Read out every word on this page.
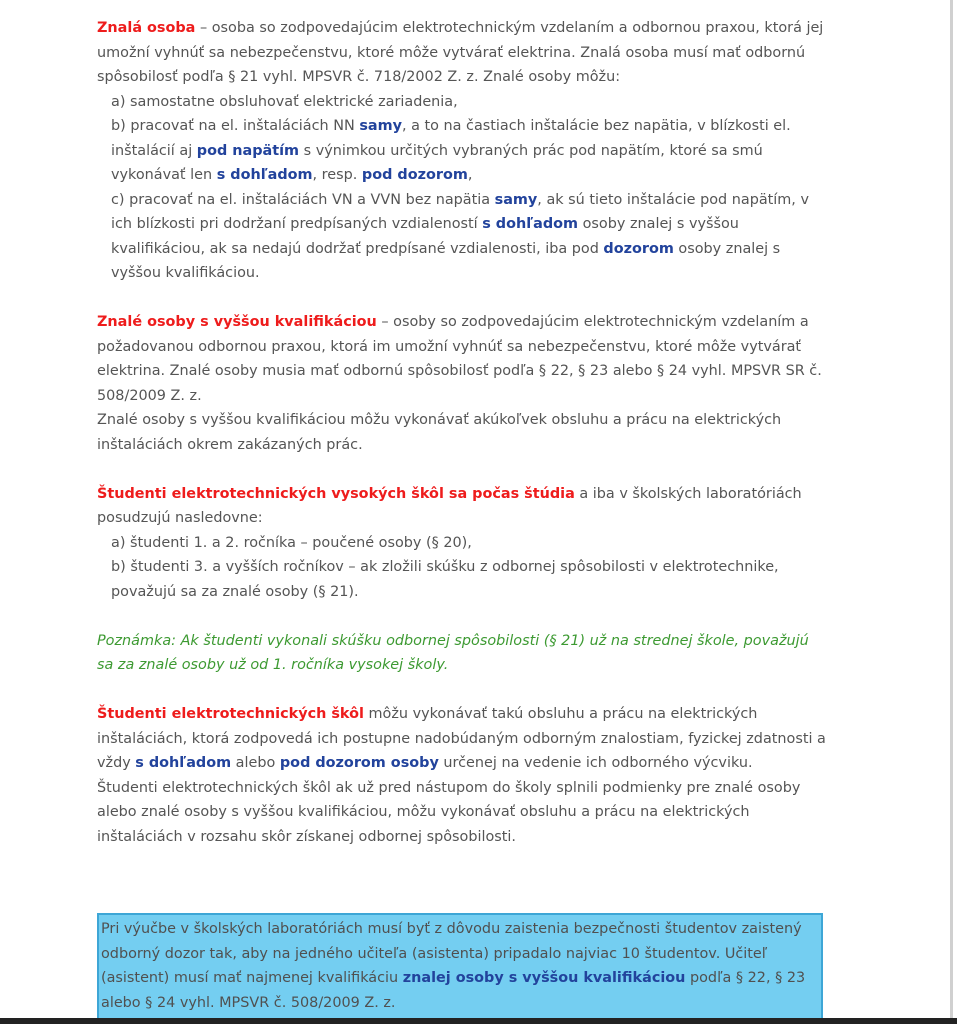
Znalá osoba – osoba so zodpovedajúcim elektrotechnickým vzdelaním a odbornou praxou, ktorá jej umožní vyhnúť sa nebezpečenstvu, ktoré môže vytvárať elektrina. Znalá osoba musí mať odbornú spôsobilosť podľa § 21 vyhl. MPSVR č. 718/2002 Z. z. Znalé osoby môžu:

a) samostatne obsluhovať elektrické zariadenia,

b) pracovať na el. inštaláciách NN samy, a to na častiach inštalácie bez napätia, v blízkosti el. inštalácií aj pod napätím s výnimkou určitých vybraných prác pod napätím, ktoré sa smú vykonávať len s dohľadom, resp. pod dozorom,

c) pracovať na el. inštaláciách VN a VVN bez napätia samy, ak sú tieto inštalácie pod napätím, v ich blízkosti pri dodržaní predpísaných vzdialeností s dohľadom osoby znalej s vyššou kvalifikáciou, ak sa nedajú dodržať predpísané vzdialenosti, iba pod dozorom osoby znalej s vyššou kvalifikáciou.

Znalé osoby s vyššou kvalifikáciou – osoby so zodpovedajúcim elektrotechnickým vzdelaním a požadovanou odbornou praxou, ktorá im umožní vyhnúť sa nebezpečenstvu, ktoré môže vytvárať elektrina. Znalé osoby musia mať odbornú spôsobilosť podľa § 22, § 23 alebo § 24 vyhl. MPSVR SR č. 508/2009 Z. z.

Znalé osoby s vyššou kvalifikáciou môžu vykonávať akúkoľvek obsluhu a prácu na elektrických inštaláciách okrem zakázaných prác.

Študenti elektrotechnických vysokých škôl sa počas štúdia a iba v školských laboratóriách posudzujú nasledovne:

a) študenti 1. a 2. ročníka – poučené osoby (§ 20),

b) študenti 3. a vyšších ročníkov – ak zložili skúšku z odbornej spôsobilosti v elektrotechnike, považujú sa za znalé osoby (§ 21).

Poznámka: Ak študenti vykonali skúšku odbornej spôsobilosti (§ 21) už na strednej škole, považujú sa za znalé osoby už od 1. ročníka vysokej školy.

Študenti elektrotechnických škôl môžu vykonávať takú obsluhu a prácu na elektrických inštaláciách, ktorá zodpovedá ich postupne nadobúdaným odborným znalostiam, fyzickej zdatnosti a vždy s dohľadom alebo pod dozorom osoby určenej na vedenie ich odborného výcviku.

Študenti elektrotechnických škôl ak už pred nástupom do školy splnili podmienky pre znalé osoby alebo znalé osoby s vyššou kvalifikáciou, môžu vykonávať obsluhu a prácu na elektrických inštaláciách v rozsahu skôr získanej odbornej spôsobilosti.

Pri výučbe v školských laboratóriách musí byť z dôvodu zaistenia bezpečnosti študentov zaistený odborný dozor tak, aby na jedného učiteľa (asistenta) pripadalo najviac 10 študentov. Učiteľ (asistent) musí mať najmenej kvalifikáciu znalej osoby s vyššou kvalifikáciou podľa § 22, § 23 alebo § 24 vyhl. MPSVR č. 508/2009 Z. z.
